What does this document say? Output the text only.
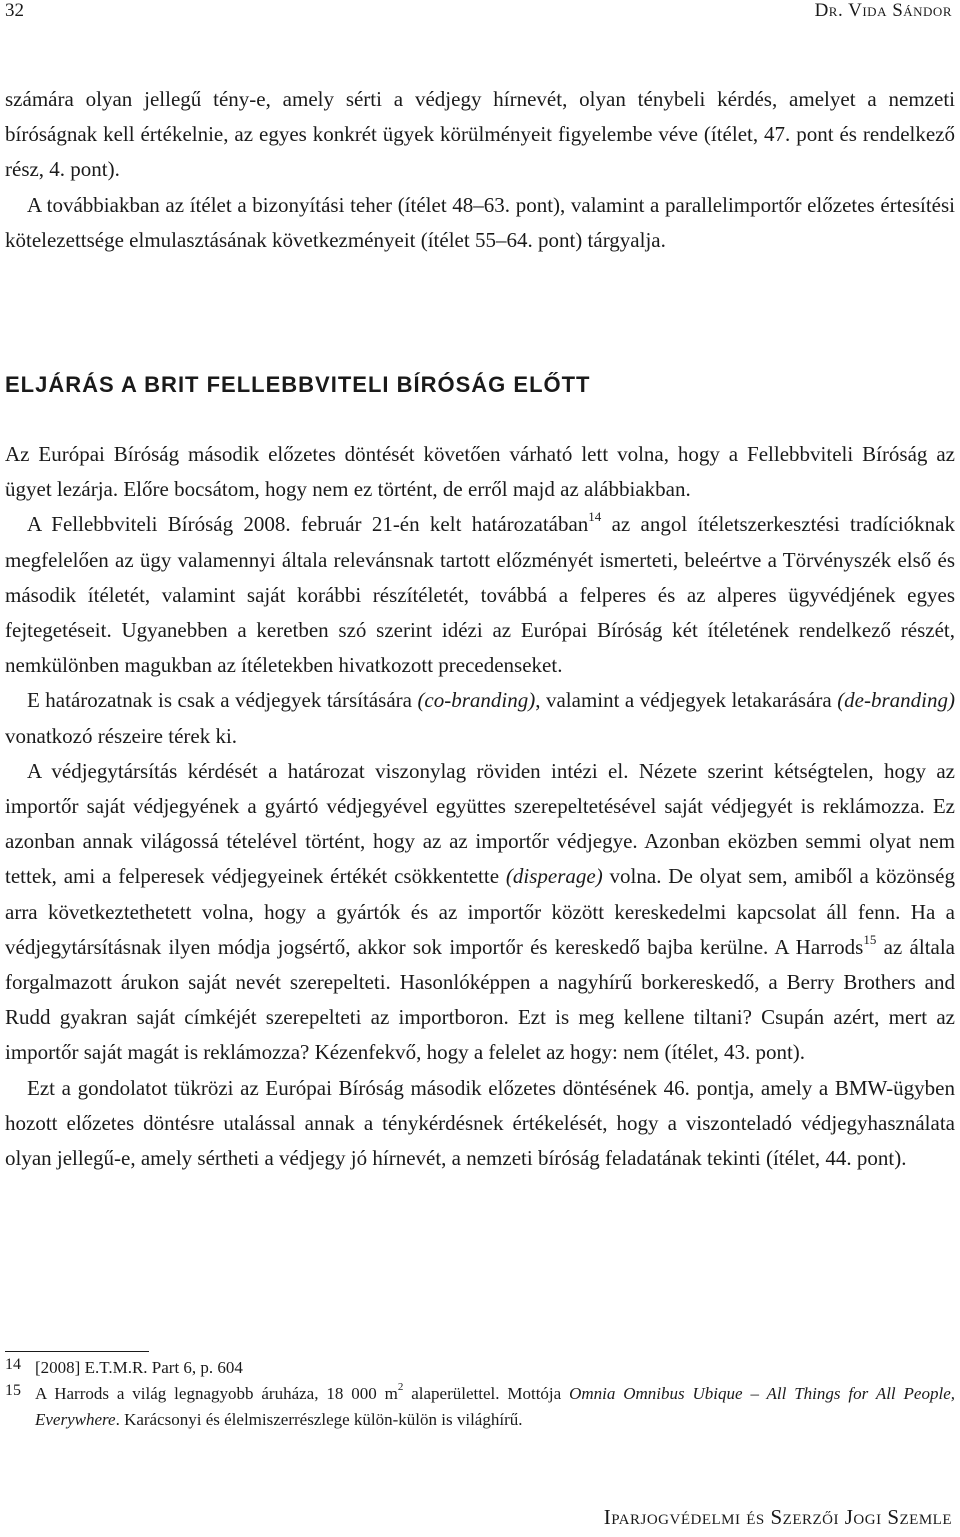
32	Dr. Vida Sándor

számára olyan jellegű tény-e, amely sérti a védjegy hírnevét, olyan ténybeli kérdés, amelyet a nemzeti bíróságnak kell értékelnie, az egyes konkrét ügyek körülményeit figyelembe véve (ítélet, 47. pont és rendelkező rész, 4. pont).

A továbbiakban az ítélet a bizonyítási teher (ítélet 48–63. pont), valamint a parallelimportőr előzetes értesítési kötelezettsége elmulasztásának következményeit (ítélet 55–64. pont) tárgyalja.

ELJÁRÁS A BRIT FELLEBBVITELI BÍRÓSÁG ELŐTT

Az Európai Bíróság második előzetes döntését követően várható lett volna, hogy a Fellebbviteli Bíróság az ügyet lezárja. Előre bocsátom, hogy nem ez történt, de erről majd az alábbiakban.

A Fellebbviteli Bíróság 2008. február 21-én kelt határozatában$^{14}$ az angol ítéletszerkesztési tradícióknak megfelelően az ügy valamennyi általa relevánsnak tartott előzményét ismerteti, beleértve a Törvényszék első és második ítéletét, valamint saját korábbi részítéletét, továbbá a felperes és az alperes ügyvédjének egyes fejtegetéseit. Ugyanebben a keretben szó szerint idézi az Európai Bíróság két ítéletének rendelkező részét, nemkülönben magukban az ítéletekben hivatkozott precedenseket.

E határozatnak is csak a védjegyek társítására (co-branding), valamint a védjegyek letakarására (de-branding) vonatkozó részeire térek ki.

A védjegytársítás kérdését a határozat viszonylag röviden intézi el. Nézete szerint kétségtelen, hogy az importőr saját védjegyének a gyártó védjegyével együttes szerepeltetésével saját védjegyét is reklámozza. Ez azonban annak világossá tételével történt, hogy az az importőr védjegye. Azonban eközben semmi olyat nem tettek, ami a felperesek védjegyeinek értékét csökkentette (disperage) volna. De olyat sem, amiből a közönség arra következtethetett volna, hogy a gyártók és az importőr között kereskedelmi kapcsolat áll fenn. Ha a védjegytársításnak ilyen módja jogsértő, akkor sok importőr és kereskedő bajba kerülne. A Harrods$^{15}$ az általa forgalmazott árukon saját nevét szerepelteti. Hasonlóképpen a nagyhírű borkereskedő, a Berry Brothers and Rudd gyakran saját címkéjét szerepelteti az importboron. Ezt is meg kellene tiltani? Csupán azért, mert az importőr saját magát is reklámozza? Kézenfekvő, hogy a felelet az hogy: nem (ítélet, 43. pont).

Ezt a gondolatot tükrözi az Európai Bíróság második előzetes döntésének 46. pontja, amely a BMW-ügyben hozott előzetes döntésre utalással annak a ténykérdésnek értékelését, hogy a viszonteladó védjegyhasználata olyan jellegű-e, amely sértheti a védjegy jó hírnevét, a nemzeti bíróság feladatának tekinti (ítélet, 44. pont).

14 [2008] E.T.M.R. Part 6, p. 604
15 A Harrods a világ legnagyobb áruháza, 18 000 $m^2$ alaperülettel. Mottója Omnia Omnibus Ubique – All Things for All People, Everywhere. Karácsonyi és élelmiszerrészlege külön-külön is világhírű.
Iparjogvédelmi és Szerzői Jogi Szemle
